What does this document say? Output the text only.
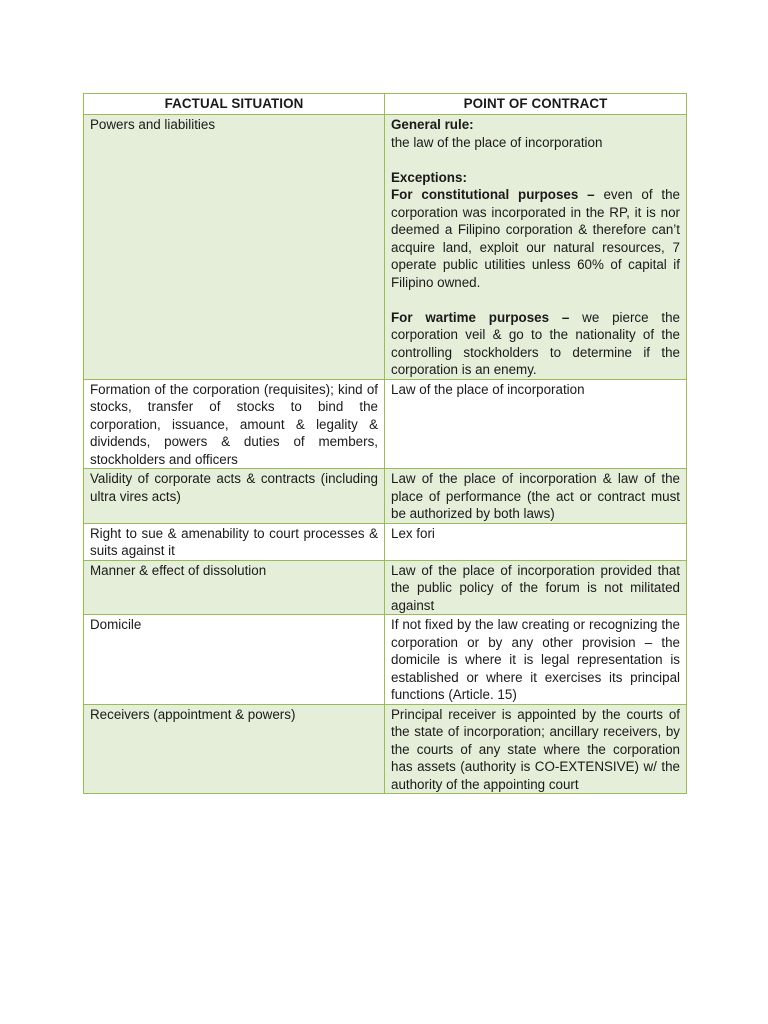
FACTUAL SITUATION	POINT OF CONTRACT
Powers and liabilities	General rule:
the law of the place of incorporation
Exceptions:
For constitutional purposes – even of the corporation was incorporated in the RP, it is nor deemed a Filipino corporation & therefore can’t acquire land, exploit our natural resources, 7 operate public utilities unless 60% of capital if Filipino owned.
For wartime purposes – we pierce the corporation veil & go to the nationality of the controlling stockholders to determine if the corporation is an enemy.

Formation of the corporation (requisites); kind of stocks, transfer of stocks to bind the corporation, issuance, amount & legality & dividends, powers & duties of members, stockholders and officers	Law of the place of incorporation
Validity of corporate acts & contracts (including ultra vires acts)	Law of the place of incorporation & law of the place of performance (the act or contract must be authorized by both laws)
Right to sue & amenability to court processes & suits against it	Lex fori
Manner & effect of dissolution	Law of the place of incorporation provided that the public policy of the forum is not militated against
Domicile	If not fixed by the law creating or recognizing the corporation or by any other provision – the domicile is where it is legal representation is established or where it exercises its principal functions (Article. 15)
Receivers (appointment & powers)	Principal receiver is appointed by the courts of the state of incorporation; ancillary receivers, by the courts of any state where the corporation has assets (authority is CO-EXTENSIVE) w/ the authority of the appointing court
